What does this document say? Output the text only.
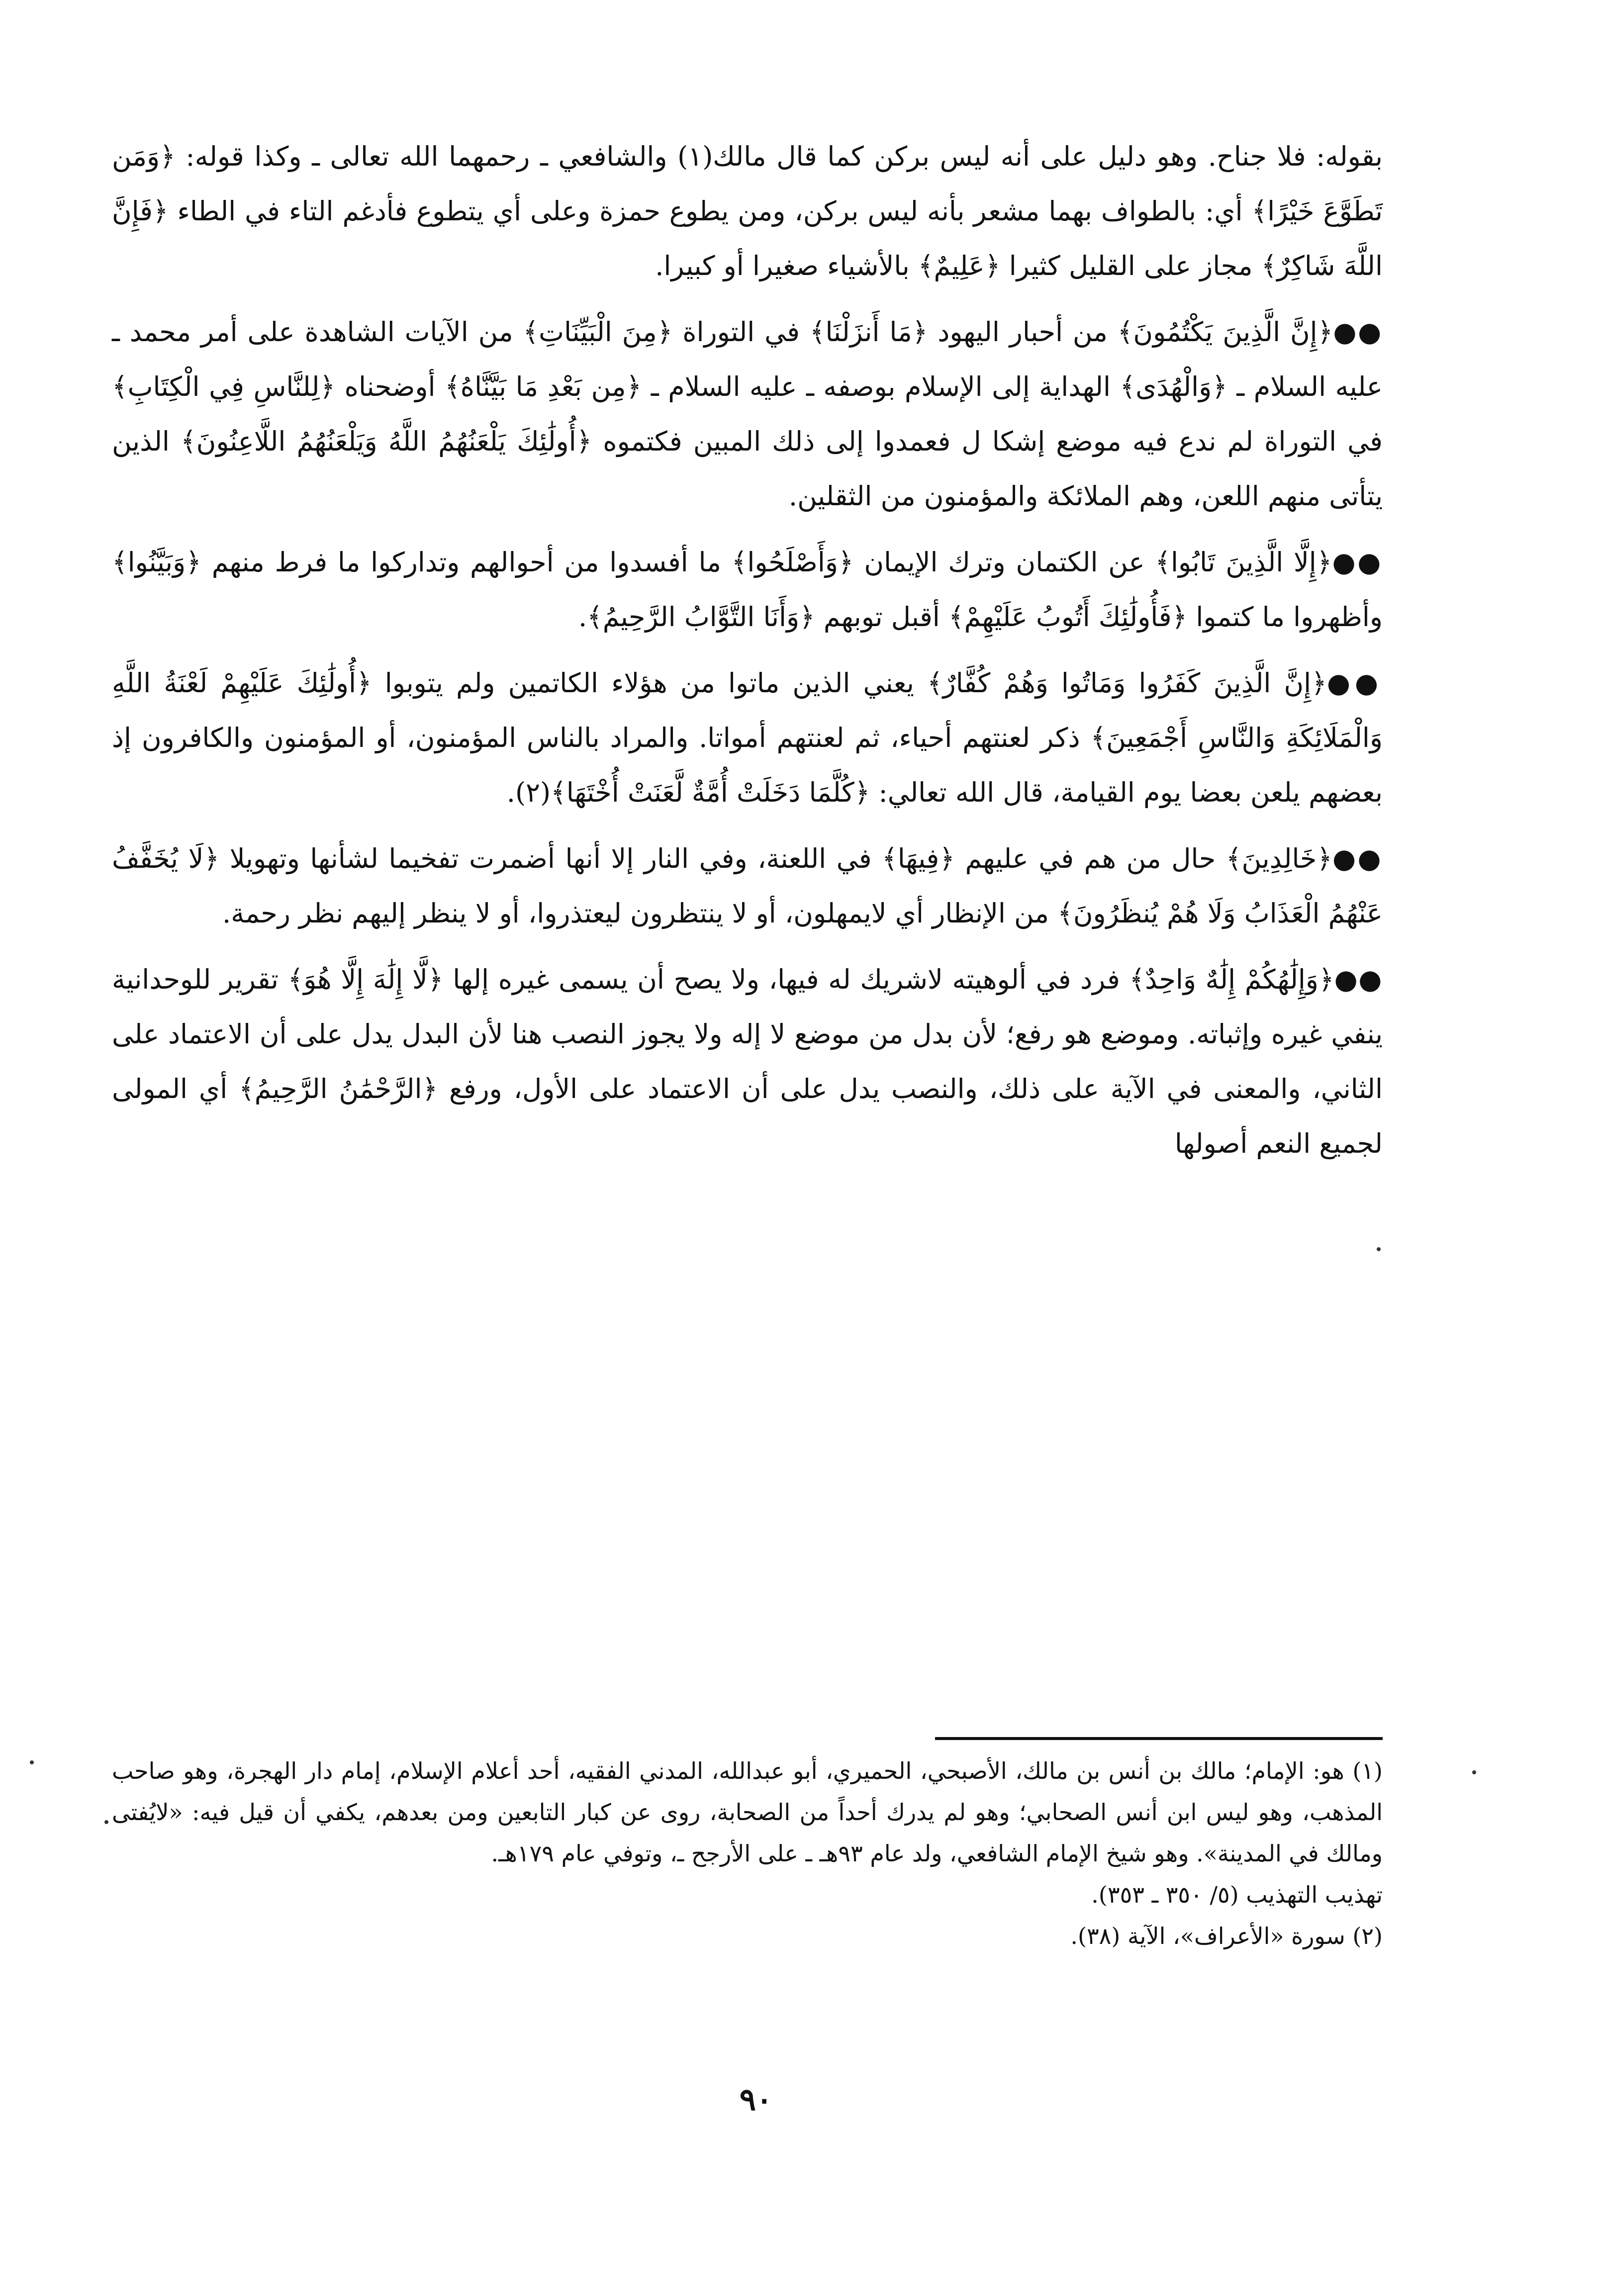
بقوله: فلا جناح. وهو دليل على أنه ليس بركن كما قال مالك(١) والشافعي ـ رحمهما الله تعالى ـ وكذا قوله: ﴿وَمَن تَطَوَّعَ خَيْرًا﴾ أي: بالطواف بهما مشعر بأنه ليس بركن، ومن يطوع حمزة وعلى أي يتطوع فأدغم التاء في الطاء ﴿فَإِنَّ اللَّهَ شَاكِرٌ﴾ مجاز على القليل كثيرا ﴿عَلِيمٌ﴾ بالأشياء صغيرا أو كبيرا.

●●﴿إِنَّ الَّذِينَ يَكْتُمُونَ﴾ من أحبار اليهود ﴿مَا أَنزَلْنَا﴾ في التوراة ﴿مِنَ الْبَيِّنَاتِ﴾ من الآيات الشاهدة على أمر محمد ـ عليه السلام ـ ﴿وَالْهُدَى﴾ الهداية إلى الإسلام بوصفه ـ عليه السلام ـ ﴿مِن بَعْدِ مَا بَيَّنَّاهُ﴾ أوضحناه ﴿لِلنَّاسِ فِي الْكِتَابِ﴾ في التوراة لم ندع فيه موضع إشكا ل فعمدوا إلى ذلك المبين فكتموه ﴿أُولَٰئِكَ يَلْعَنُهُمُ اللَّهُ وَيَلْعَنُهُمُ اللَّاعِنُونَ﴾ الذين يتأتى منهم اللعن، وهم الملائكة والمؤمنون من الثقلين.

●●﴿إِلَّا الَّذِينَ تَابُوا﴾ عن الكتمان وترك الإيمان ﴿وَأَصْلَحُوا﴾ ما أفسدوا من أحوالهم وتداركوا ما فرط منهم ﴿وَبَيَّنُوا﴾ وأظهروا ما كتموا ﴿فَأُولَٰئِكَ أَتُوبُ عَلَيْهِمْ﴾ أقبل توبهم ﴿وَأَنَا التَّوَّابُ الرَّحِيمُ﴾.

●●﴿إِنَّ الَّذِينَ كَفَرُوا وَمَاتُوا وَهُمْ كُفَّارٌ﴾ يعني الذين ماتوا من هؤلاء الكاتمين ولم يتوبوا ﴿أُولَٰئِكَ عَلَيْهِمْ لَعْنَةُ اللَّهِ وَالْمَلَائِكَةِ وَالنَّاسِ أَجْمَعِينَ﴾ ذكر لعنتهم أحياء، ثم لعنتهم أمواتا. والمراد بالناس المؤمنون، أو المؤمنون والكافرون إذ بعضهم يلعن بعضا يوم القيامة، قال الله تعالي: ﴿كُلَّمَا دَخَلَتْ أُمَّةٌ لَّعَنَتْ أُخْتَهَا﴾(٢).

●●﴿خَالِدِينَ﴾ حال من هم في عليهم ﴿فِيهَا﴾ في اللعنة، وفي النار إلا أنها أضمرت تفخيما لشأنها وتهويلا ﴿لَا يُخَفَّفُ عَنْهُمُ الْعَذَابُ وَلَا هُمْ يُنظَرُونَ﴾ من الإنظار أي لايمهلون، أو لا ينتظرون ليعتذروا، أو لا ينظر إليهم نظر رحمة.

●●﴿وَإِلَٰهُكُمْ إِلَٰهٌ وَاحِدٌ﴾ فرد في ألوهيته لاشريك له فيها، ولا يصح أن يسمى غيره إلها ﴿لَّا إِلَٰهَ إِلَّا هُوَ﴾ تقرير للوحدانية ينفي غيره وإثباته. وموضع هو رفع؛ لأن بدل من موضع لا إله ولا يجوز النصب هنا لأن البدل يدل على أن الاعتماد على الثاني، والمعنى في الآية على ذلك، والنصب يدل على أن الاعتماد على الأول، ورفع ﴿الرَّحْمَٰنُ الرَّحِيمُ﴾ أي المولى لجميع النعم أصولها

(١) هو: الإمام؛ مالك بن أنس بن مالك، الأصبحي، الحميري، أبو عبدالله، المدني الفقيه، أحد أعلام الإسلام، إمام دار الهجرة، وهو صاحب المذهب، وهو ليس ابن أنس الصحابي؛ وهو لم يدرك أحداً من الصحابة، روى عن كبار التابعين ومن بعدهم، يكفي أن قيل فيه: «لايُفتى ومالك في المدينة». وهو شيخ الإمام الشافعي، ولد عام ٩٣هـ ـ على الأرجح ـ، وتوفي عام ١٧٩هـ.

تهذيب التهذيب (٥/ ٣٥٠ ـ ٣٥٣).

(٢) سورة «الأعراف»، الآية (٣٨).

٩٠
